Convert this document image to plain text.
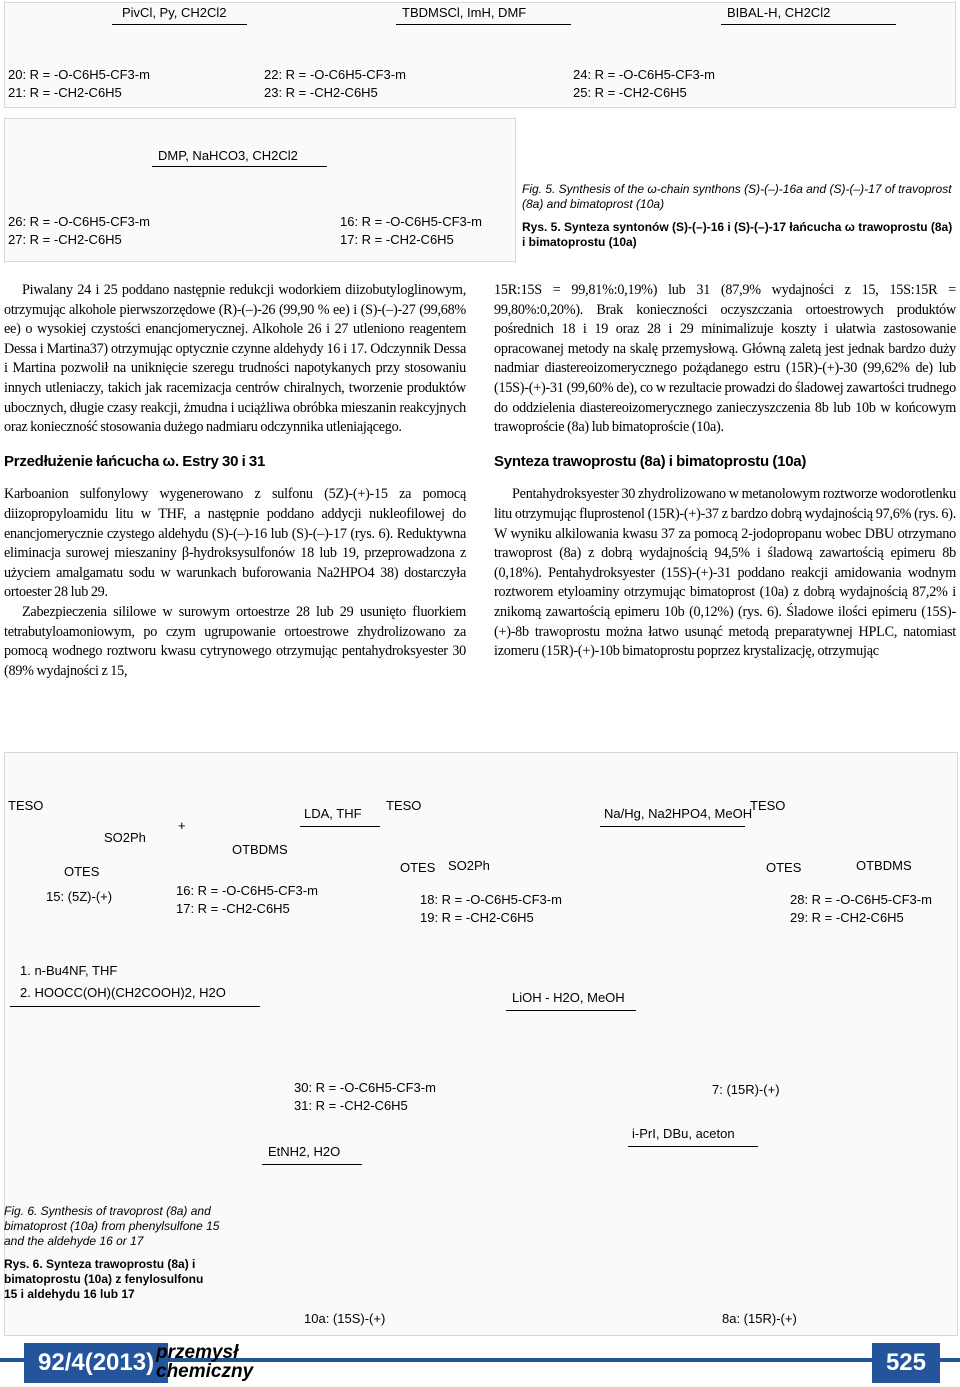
PivCl, Py, CH2Cl2	TBDMSCl, ImH, DMF	BIBAL-H, CH2Cl2
20: R = -O-C6H5-CF3-m
21: R = -CH2-C6H5
22: R = -O-C6H5-CF3-m
23: R = -CH2-C6H5
24: R = -O-C6H5-CF3-m
25: R = -CH2-C6H5
DMP, NaHCO3, CH2Cl2
26: R = -O-C6H5-CF3-m
27: R = -CH2-C6H5
16: R = -O-C6H5-CF3-m
17: R = -CH2-C6H5
Fig. 5. Synthesis of the ω-chain synthons (S)-(–)-16a and (S)-(–)-17 of travoprost (8a) and bimatoprost (10a)
Rys. 5. Synteza syntonów (S)-(–)-16 i (S)-(–)-17 łańcucha ω trawoprostu (8a) i bimatoprostu (10a)

Piwalany 24 i 25 poddano następnie redukcji wodorkiem diizobutyloglinowym, otrzymując alkohole pierwszorzędowe (R)-(–)-26 (99,90 % ee) i (S)-(–)-27 (99,68% ee) o wysokiej czystości enancjomerycznej. Alkohole 26 i 27 utleniono reagentem Dessa i Martina37) otrzymując optycznie czynne aldehydy 16 i 17. Odczynnik Dessa i Martina pozwolił na uniknięcie szeregu trudności napotykanych przy stosowaniu innych utleniaczy, takich jak racemizacja centrów chiralnych, tworzenie produktów ubocznych, długie czasy reakcji, żmudna i uciążliwa obróbka mieszanin reakcyjnych oraz konieczność stosowania dużego nadmiaru odczynnika utleniającego.

Przedłużenie łańcucha ω. Estry 30 i 31

Karboanion sulfonylowy wygenerowano z sulfonu (5Z)-(+)-15 za pomocą diizopropyloamidu litu w THF, a następnie poddano addycji nukleofilowej do enancjomerycznie czystego aldehydu (S)-(–)-16 lub (S)-(–)-17 (rys. 6). Reduktywna eliminacja surowej mieszaniny β-hydroksysulfonów 18 lub 19, przeprowadzona z użyciem amalgamatu sodu w warunkach buforowania Na2HPO4 38) dostarczyła ortoester 28 lub 29.

Zabezpieczenia sililowe w surowym ortoestrze 28 lub 29 usunięto fluorkiem tetrabutyloamoniowym, po czym ugrupowanie ortoestrowe zhydrolizowano za pomocą wodnego roztworu kwasu cytrynowego otrzymując pentahydroksyester 30 (89% wydajności z 15,

15R:15S = 99,81%:0,19%) lub 31 (87,9% wydajności z 15, 15S:15R = 99,80%:0,20%). Brak konieczności oczyszczania ortoestrowych produktów pośrednich 18 i 19 oraz 28 i 29 minimalizuje koszty i ułatwia zastosowanie opracowanej metody na skalę przemysłową. Główną zaletą jest jednak bardzo duży nadmiar diastereoizomerycznego pożądanego estru (15R)-(+)-30 (99,62% de) lub (15S)-(+)-31 (99,60% de), co w rezultacie prowadzi do śladowej zawartości trudnego do oddzielenia diastereoizomerycznego zanieczyszczenia 8b lub 10b w końcowym trawoproście (8a) lub bimatoproście (10a).

Synteza trawoprostu (8a) i bimatoprostu (10a)

Pentahydroksyester 30 zhydrolizowano w metanolowym roztworze wodorotlenku litu otrzymując fluprostenol (15R)-(+)-37 z bardzo dobrą wydajnością 97,6% (rys. 6). W wyniku alkilowania kwasu 37 za pomocą 2-jodopropanu wobec DBU otrzymano trawoprost (8a) z dobrą wydajnością 94,5% i śladową zawartością epimeru 8b (0,18%). Pentahydroksyester (15S)-(+)-31 poddano reakcji amidowania wodnym roztworem etyloaminy otrzymując bimatoprost (10a) z dobrą wydajnością 87,2% i znikomą zawartością epimeru 10b (0,12%) (rys. 6). Śladowe ilości epimeru (15S)-(+)-8b trawoprostu można łatwo usunąć metodą preparatywnej HPLC, natomiast izomeru (15R)-(+)-10b bimatoprostu poprzez krystalizację, otrzymując

TESO
SO2Ph
OTES
+
OTBDMS
LDA, THF	Na/Hg, Na2HPO4, MeOH
TESO
SO2Ph
OTES
TESO
OTES	OTBDMS
15: (5Z)-(+)	16: R = -O-C6H5-CF3-m
17: R = -CH2-C6H5
18: R = -O-C6H5-CF3-m
19: R = -CH2-C6H5
28: R = -O-C6H5-CF3-m
29: R = -CH2-C6H5
1. n-Bu4NF, THF
2. HOOCC(OH)(CH2COOH)2, H2O	LiOH - H2O, MeOH
30: R = -O-C6H5-CF3-m
31: R = -CH2-C6H5
7: (15R)-(+)
i-PrI, DBu, aceton
EtNH2, H2O
10a: (15S)-(+)	8a: (15R)-(+)
Fig. 6. Synthesis of travoprost (8a) and bimatoprost (10a) from phenylsulfone 15 and the aldehyde 16 or 17
Rys. 6. Synteza trawoprostu (8a) i bimatoprostu (10a) z fenylosulfonu 15 i aldehydu 16 lub 17
92/4(2013) przemysł
chemiczny	525
